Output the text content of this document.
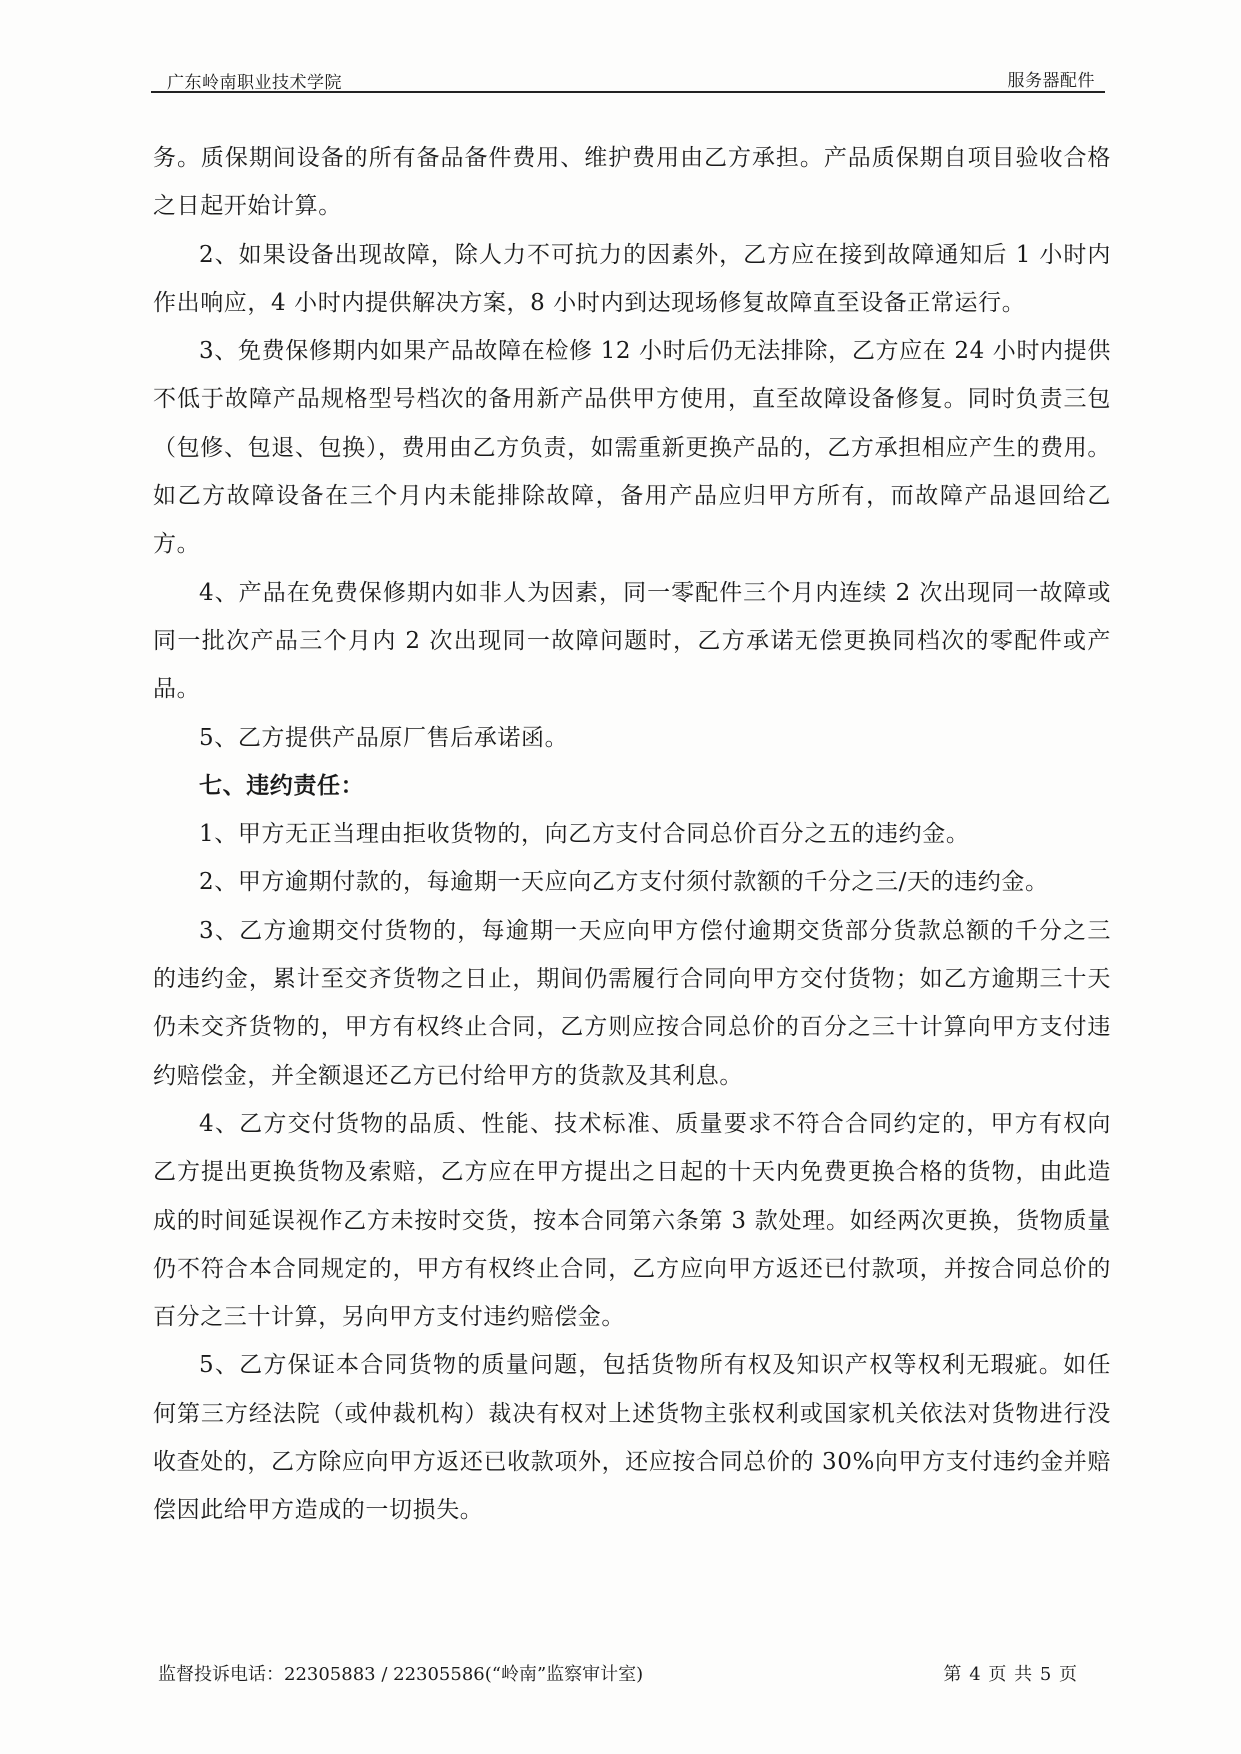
广东岭南职业技术学院	服务器配件

务。质保期间设备的所有备品备件费用、维护费用由乙方承担。产品质保期自项目验收合格之日起开始计算。

2、如果设备出现故障，除人力不可抗力的因素外，乙方应在接到故障通知后 1 小时内作出响应，4 小时内提供解决方案，8 小时内到达现场修复故障直至设备正常运行。

3、免费保修期内如果产品故障在检修 12 小时后仍无法排除，乙方应在 24 小时内提供不低于故障产品规格型号档次的备用新产品供甲方使用，直至故障设备修复。同时负责三包（包修、包退、包换），费用由乙方负责，如需重新更换产品的，乙方承担相应产生的费用。如乙方故障设备在三个月内未能排除故障，备用产品应归甲方所有，而故障产品退回给乙方。

4、产品在免费保修期内如非人为因素，同一零配件三个月内连续 2 次出现同一故障或同一批次产品三个月内 2 次出现同一故障问题时，乙方承诺无偿更换同档次的零配件或产品。

5、乙方提供产品原厂售后承诺函。

七、违约责任：

1、甲方无正当理由拒收货物的，向乙方支付合同总价百分之五的违约金。

2、甲方逾期付款的，每逾期一天应向乙方支付须付款额的千分之三/天的违约金。

3、乙方逾期交付货物的，每逾期一天应向甲方偿付逾期交货部分货款总额的千分之三的违约金，累计至交齐货物之日止，期间仍需履行合同向甲方交付货物；如乙方逾期三十天仍未交齐货物的，甲方有权终止合同，乙方则应按合同总价的百分之三十计算向甲方支付违约赔偿金，并全额退还乙方已付给甲方的货款及其利息。

4、乙方交付货物的品质、性能、技术标准、质量要求不符合合同约定的，甲方有权向乙方提出更换货物及索赔，乙方应在甲方提出之日起的十天内免费更换合格的货物，由此造成的时间延误视作乙方未按时交货，按本合同第六条第 3 款处理。如经两次更换，货物质量仍不符合本合同规定的，甲方有权终止合同，乙方应向甲方返还已付款项，并按合同总价的百分之三十计算，另向甲方支付违约赔偿金。

5、乙方保证本合同货物的质量问题，包括货物所有权及知识产权等权利无瑕疵。如任何第三方经法院（或仲裁机构）裁决有权对上述货物主张权利或国家机关依法对货物进行没收查处的，乙方除应向甲方返还已收款项外，还应按合同总价的 30%向甲方支付违约金并赔偿因此给甲方造成的一切损失。

监督投诉电话：22305883 / 22305586(“岭南”监察审计室)	第 4 页 共 5 页
